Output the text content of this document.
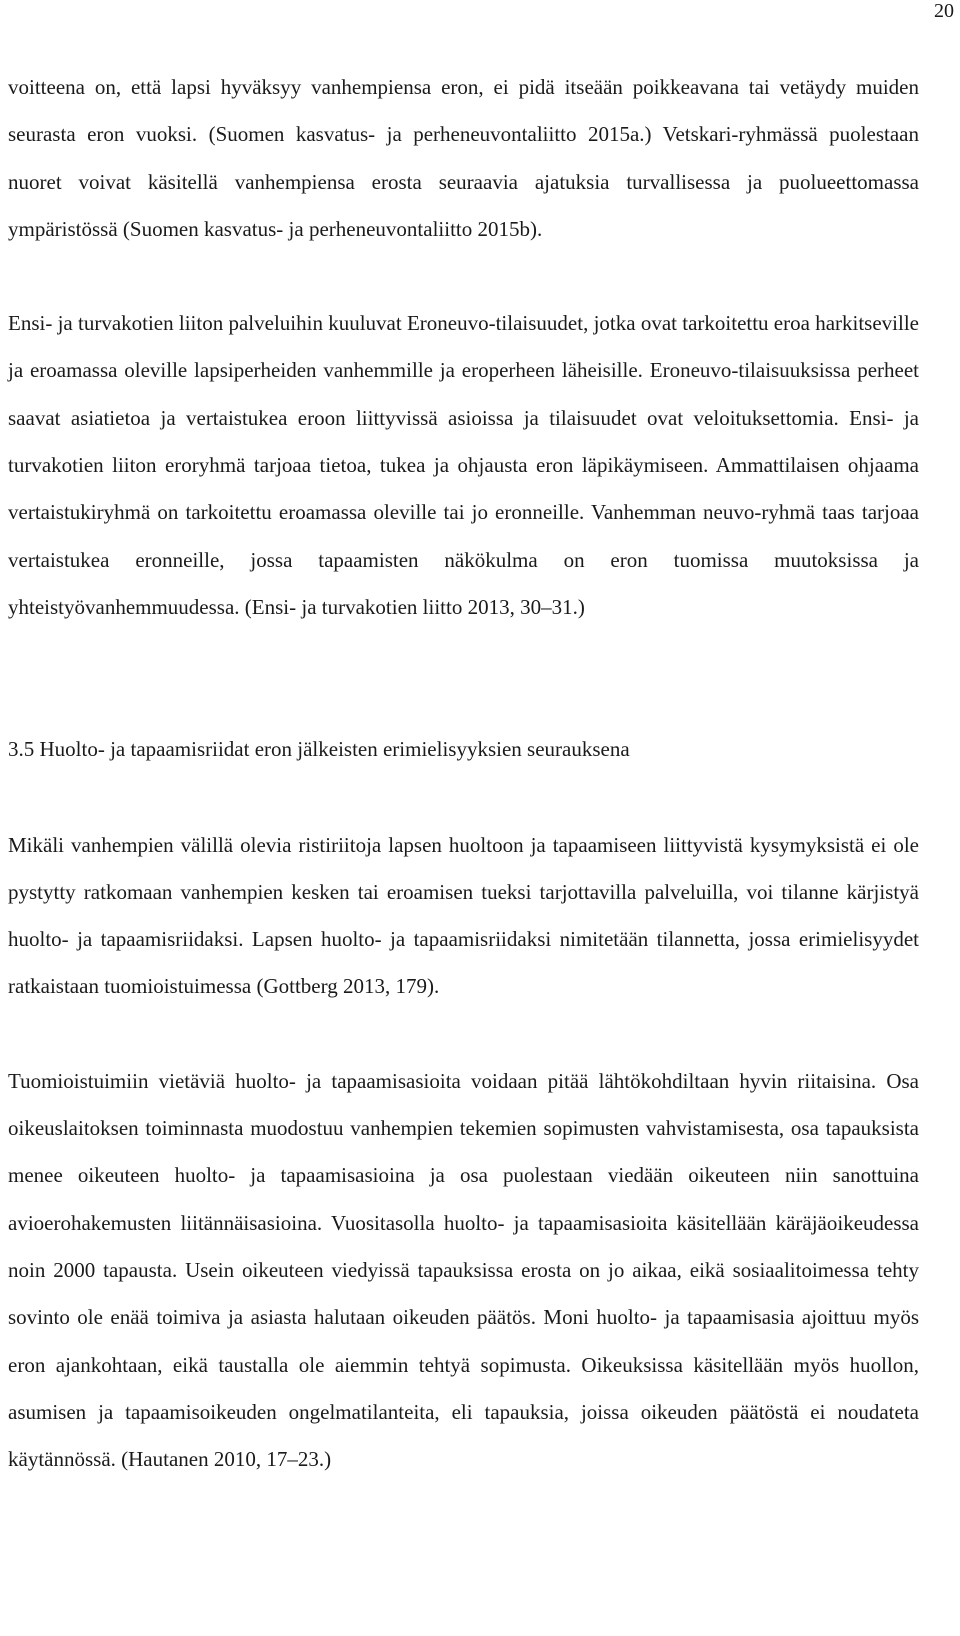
20

voitteena on, että lapsi hyväksyy vanhempiensa eron, ei pidä itseään poikkeavana tai vetäydy muiden seurasta eron vuoksi. (Suomen kasvatus- ja perheneuvontaliitto 2015a.) Vetskari-ryhmässä puolestaan nuoret voivat käsitellä vanhempiensa erosta seuraavia ajatuksia turvallisessa ja puolueettomassa ympäristössä (Suomen kasvatus- ja perheneuvontaliitto 2015b).

Ensi- ja turvakotien liiton palveluihin kuuluvat Eroneuvo-tilaisuudet, jotka ovat tarkoitettu eroa harkitseville ja eroamassa oleville lapsiperheiden vanhemmille ja eroperheen läheisille. Eroneuvo-tilaisuuksissa perheet saavat asiatietoa ja vertaistukea eroon liittyvissä asioissa ja tilaisuudet ovat veloituksettomia. Ensi- ja turvakotien liiton eroryhmä tarjoaa tietoa, tukea ja ohjausta eron läpikäymiseen. Ammattilaisen ohjaama vertaistukiryhmä on tarkoitettu eroamassa oleville tai jo eronneille. Vanhemman neuvo-ryhmä taas tarjoaa vertaistukea eronneille, jossa tapaamisten näkökulma on eron tuomissa muutoksissa ja yhteistyövanhemmuudessa. (Ensi- ja turvakotien liitto 2013, 30–31.)

3.5 Huolto- ja tapaamisriidat eron jälkeisten erimielisyyksien seurauksena

Mikäli vanhempien välillä olevia ristiriitoja lapsen huoltoon ja tapaamiseen liittyvistä kysymyksistä ei ole pystytty ratkomaan vanhempien kesken tai eroamisen tueksi tarjottavilla palveluilla, voi tilanne kärjistyä huolto- ja tapaamisriidaksi. Lapsen huolto- ja tapaamisriidaksi nimitetään tilannetta, jossa erimielisyydet ratkaistaan tuomioistuimessa (Gottberg 2013, 179).

Tuomioistuimiin vietäviä huolto- ja tapaamisasioita voidaan pitää lähtökohdiltaan hyvin riitaisina. Osa oikeuslaitoksen toiminnasta muodostuu vanhempien tekemien sopimusten vahvistamisesta, osa tapauksista menee oikeuteen huolto- ja tapaamisasioina ja osa puolestaan viedään oikeuteen niin sanottuina avioerohakemusten liitännäisasioina. Vuositasolla huolto- ja tapaamisasioita käsitellään käräjäoikeudessa noin 2000 tapausta. Usein oikeuteen viedyissä tapauksissa erosta on jo aikaa, eikä sosiaalitoimessa tehty sovinto ole enää toimiva ja asiasta halutaan oikeuden päätös. Moni huolto- ja tapaamisasia ajoittuu myös eron ajankohtaan, eikä taustalla ole aiemmin tehtyä sopimusta. Oikeuksissa käsitellään myös huollon, asumisen ja tapaamisoikeuden ongelmatilanteita, eli tapauksia, joissa oikeuden päätöstä ei noudateta käytännössä. (Hautanen 2010, 17–23.)
